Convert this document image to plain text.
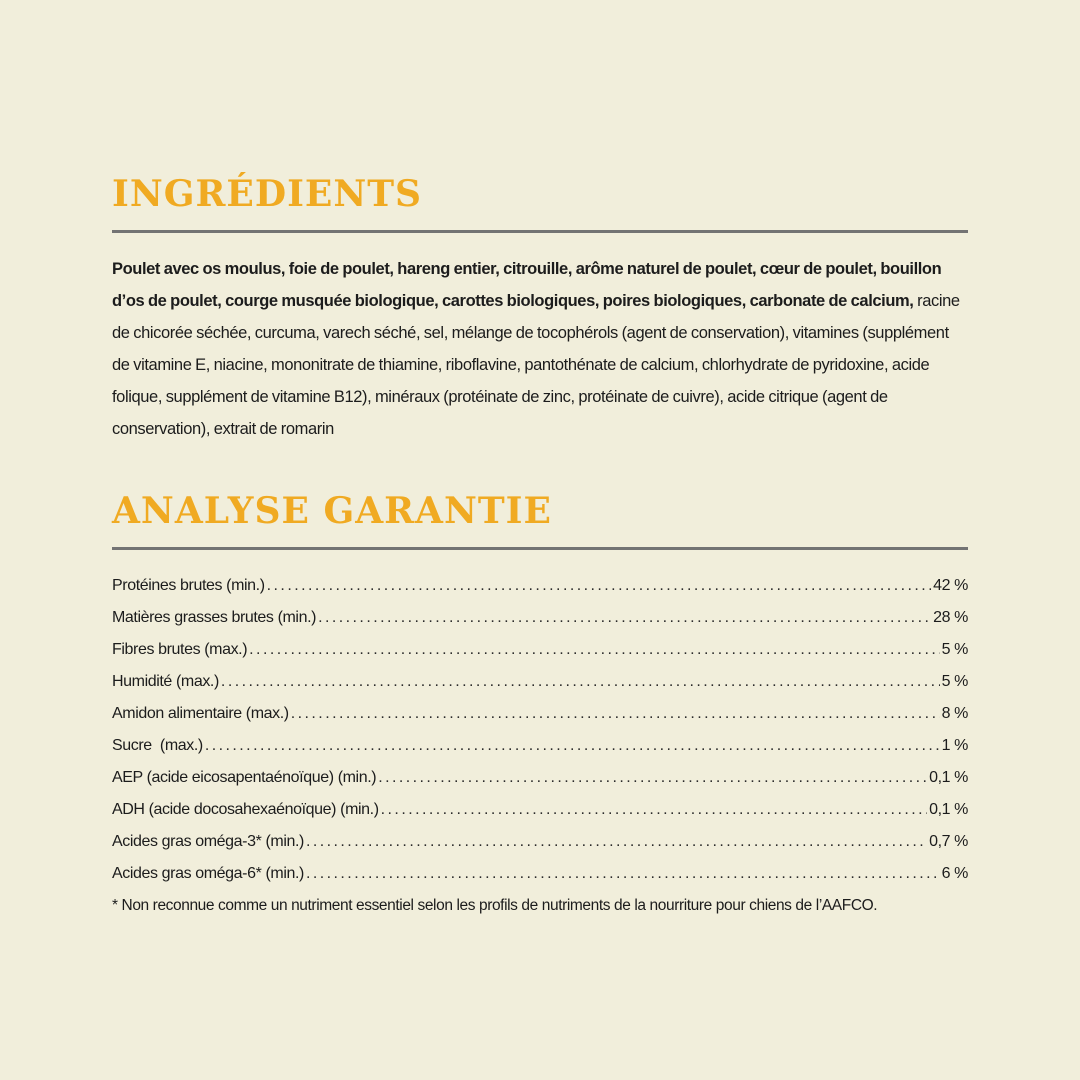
INGRÉDIENTS

Poulet avec os moulus, foie de poulet, hareng entier, citrouille, arôme naturel de poulet, cœur de poulet, bouillon d’os de poulet, courge musquée biologique, carottes biologiques, poires biologiques, carbonate de calcium, racine de chicorée séchée, curcuma, varech séché, sel, mélange de tocophérols (agent de conservation), vitamines (supplément de vitamine E, niacine, mononitrate de thiamine, riboflavine, pantothénate de calcium, chlorhydrate de pyridoxine, acide folique, supplément de vitamine B12), minéraux (protéinate de zinc, protéinate de cuivre), acide citrique (agent de conservation), extrait de romarin

ANALYSE GARANTIE
Protéines brutes (min.) . . .	42 %
Matières grasses brutes (min.) . . .	28 %
Fibres brutes (max.) . . .	5 %
Humidité (max.) . . .	5 %
Amidon alimentaire (max.) . . .	8 %
Sucre  (max.) . . .	1 %
AEP (acide eicosapentaénoïque) (min.) . . .	0,1 %
ADH (acide docosahexaénoïque) (min.) . . .	0,1 %
Acides gras oméga-3* (min.) . . .	0,7 %
Acides gras oméga-6* (min.) . . .	6 %
* Non reconnue comme un nutriment essentiel selon les profils de nutriments de la nourriture pour chiens de l’AAFCO.
